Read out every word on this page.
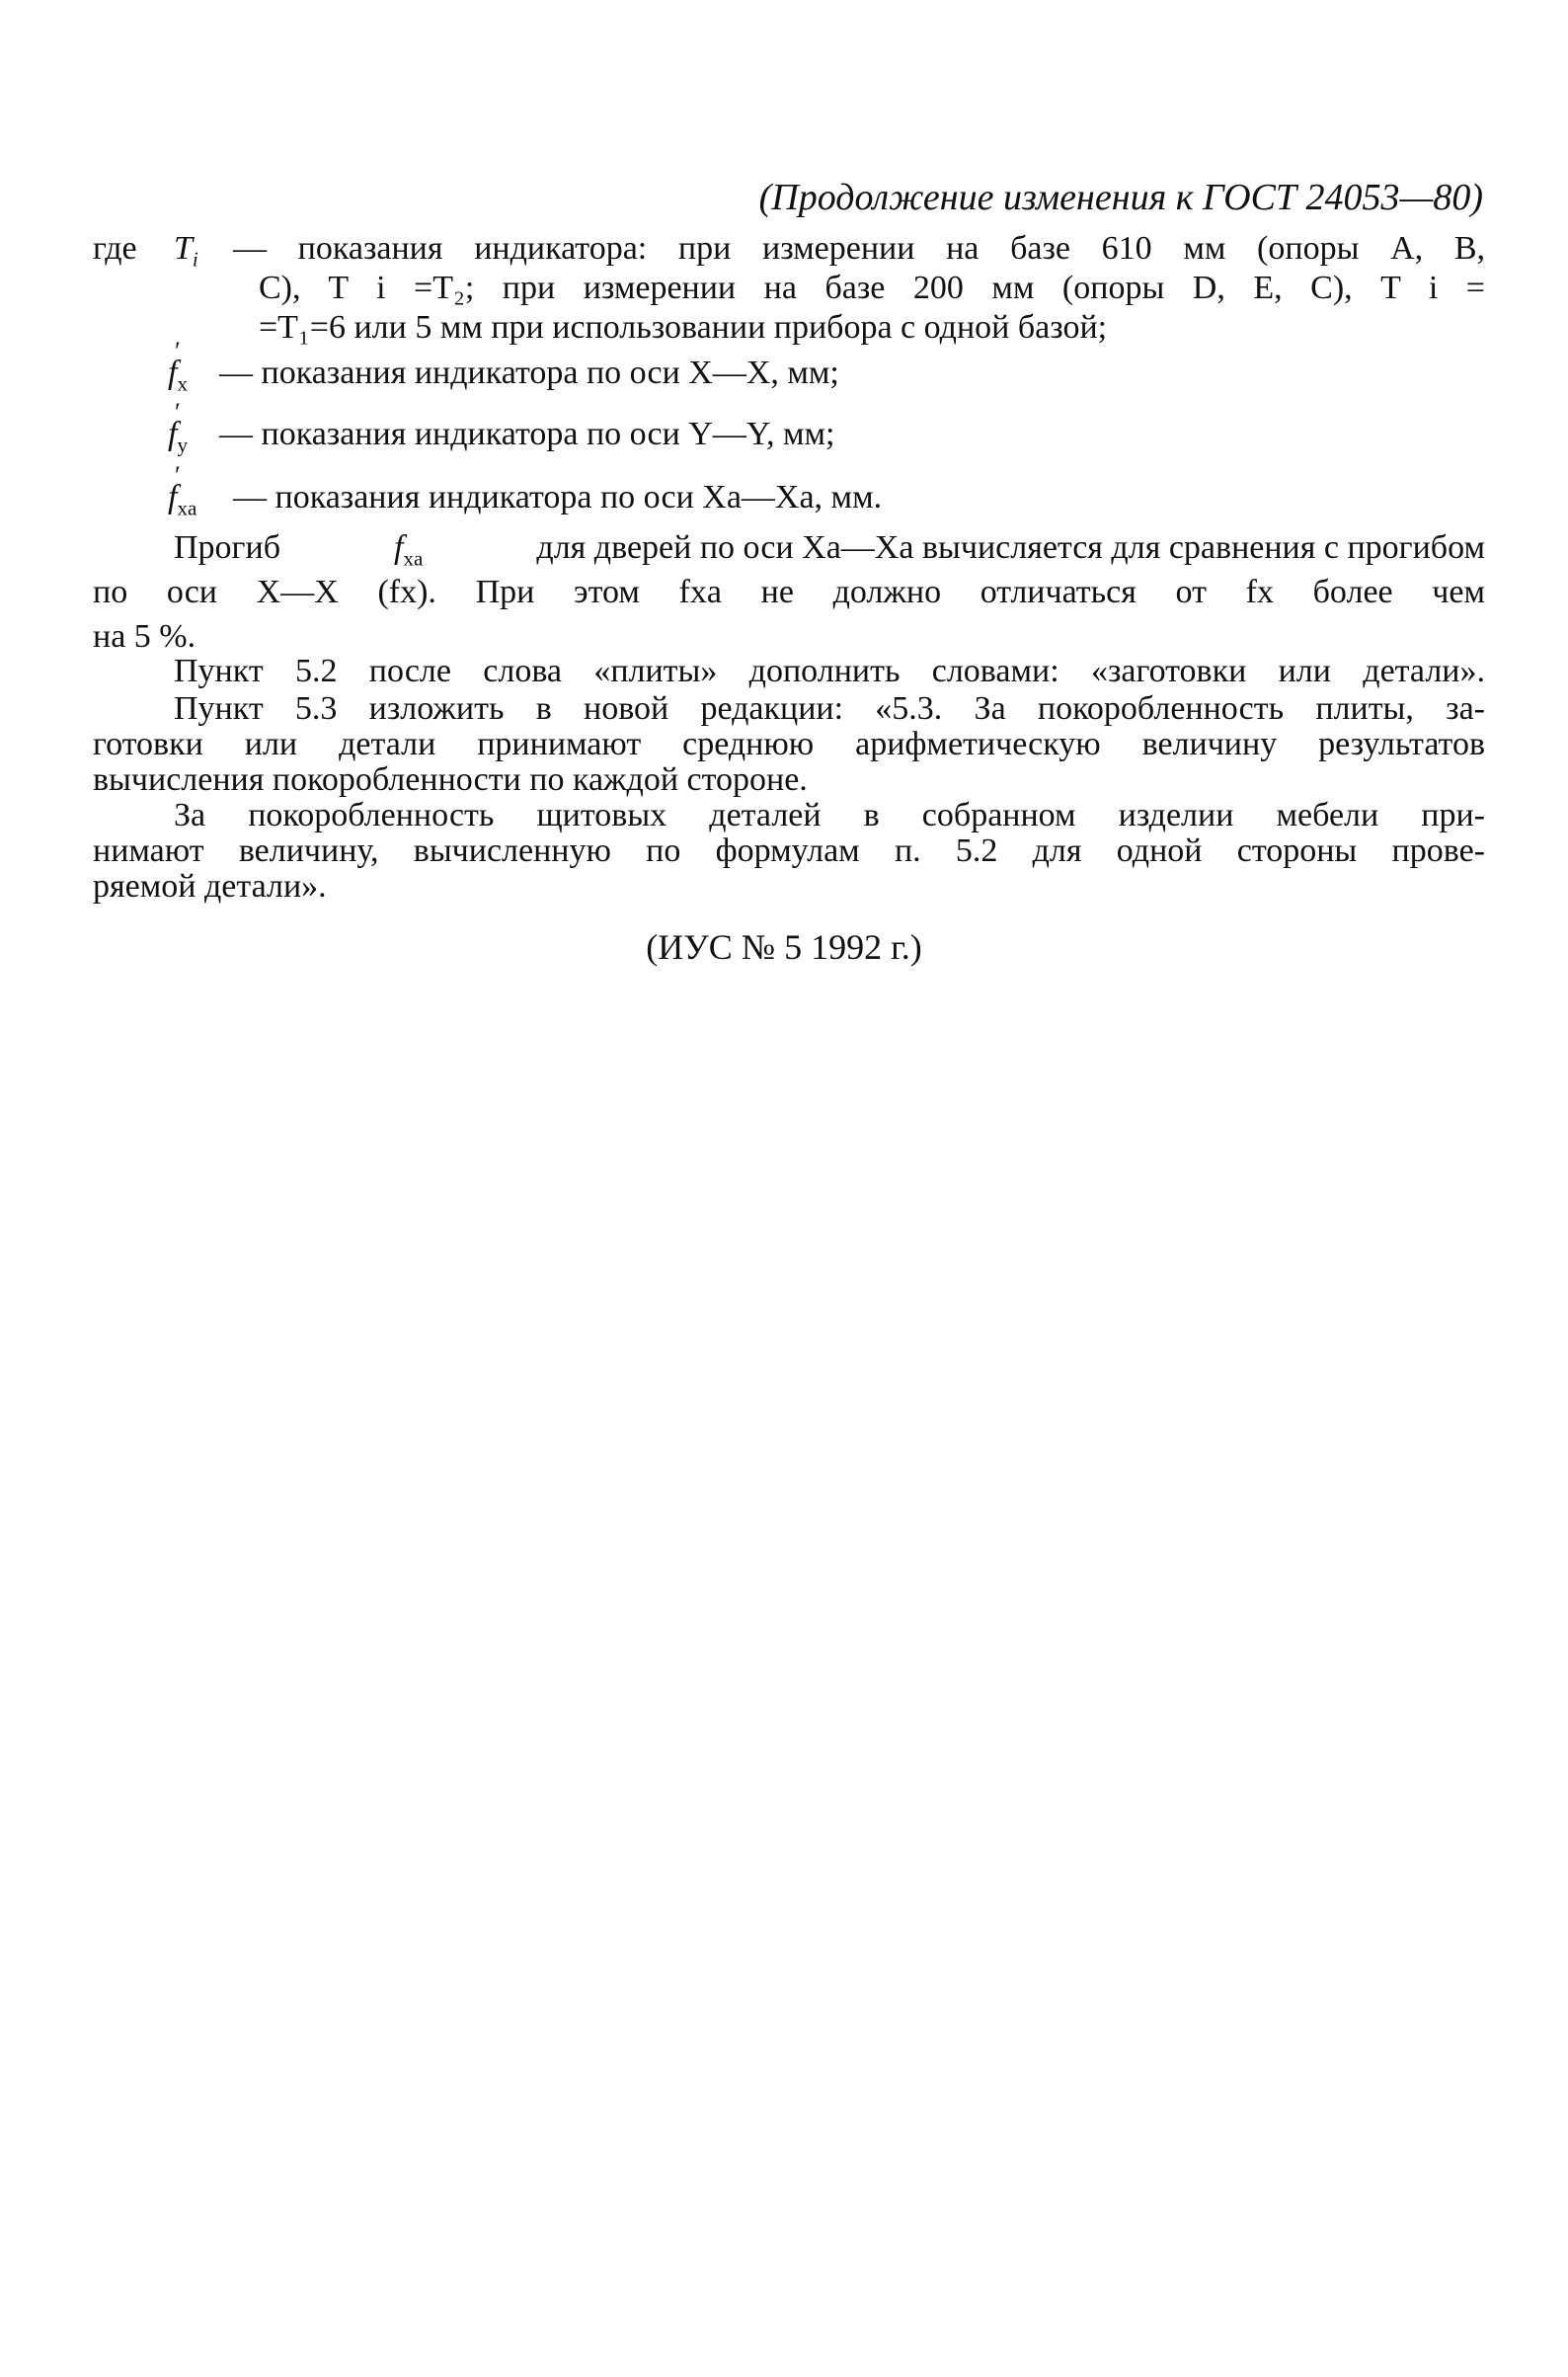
(Продолжение изменения к ГОСТ 24053—80)
где $T_i$ — показания индикатора: при измерении на базе 610 мм (опоры A, B,
C), T i =T₂; при измерении на базе 200 мм (опоры D, E, C), T i =
=T₁=6 или 5 мм при использовании прибора с одной базой;
f $'_x$ — показания индикатора по оси X—X, мм;
f $'_y$ — показания индикатора по оси Y—Y, мм;
f $'_{xa}$ — показания индикатора по оси Xa—Xa, мм.
Прогиб	$f_{xa}$	для дверей по оси Xa—Xa вычисляется для сравнения с прогибом
по оси X—X (fx). При этом fxa не должно отличаться от fx более чем
на 5 %.
Пункт 5.2 после слова «плиты» дополнить словами: «заготовки или детали».
Пункт 5.3 изложить в новой редакции: «5.3. За покоробленность плиты, за-
готовки или детали принимают среднюю арифметическую величину результатов
вычисления покоробленности по каждой стороне.
За покоробленность щитовых деталей в собранном изделии мебели при-
нимают величину, вычисленную по формулам п. 5.2 для одной стороны прове-
ряемой детали».
(ИУС № 5 1992 г.)
